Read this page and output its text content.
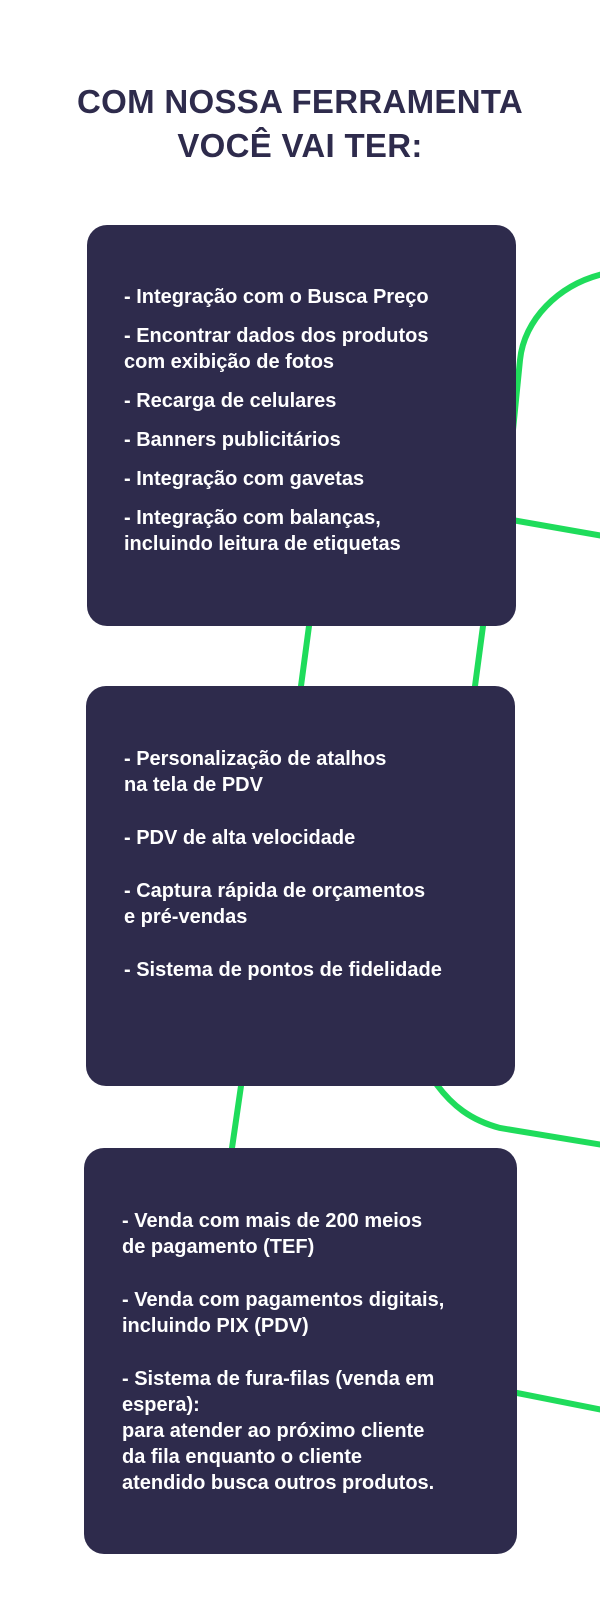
COM NOSSA FERRAMENTA
VOCÊ VAI TER:
- Integração com o Busca Preço
- Encontrar dados dos produtos
com exibição de fotos
- Recarga de celulares
- Banners publicitários
- Integração com gavetas
- Integração com balanças,
incluindo leitura de etiquetas
- Personalização de atalhos
na tela de PDV
- PDV de alta velocidade
- Captura rápida de orçamentos
e pré-vendas
- Sistema de pontos de fidelidade
- Venda com mais de 200 meios
de pagamento (TEF)
- Venda com pagamentos digitais,
incluindo PIX (PDV)
- Sistema de fura-filas (venda em
espera):
para atender ao próximo cliente
da fila enquanto o cliente
atendido busca outros produtos.
